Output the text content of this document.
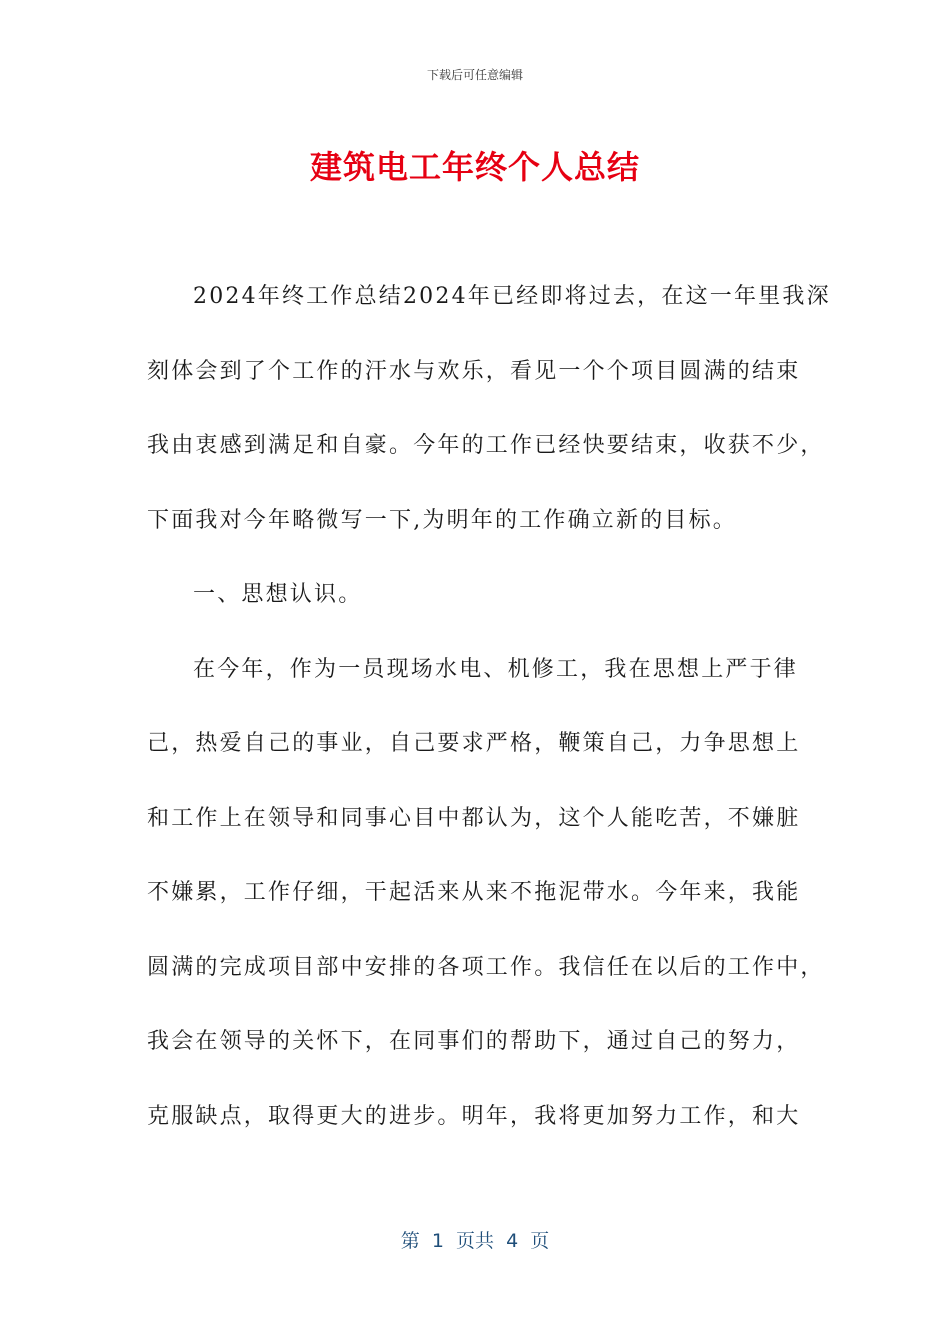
下载后可任意编辑
建筑电工年终个人总结
2024年终工作总结2024年已经即将过去，在这一年里我深
刻体会到了个工作的汗水与欢乐，看见一个个项目圆满的结束
我由衷感到满足和自豪。今年的工作已经快要结束，收获不少，
下面我对今年略微写一下,为明年的工作确立新的目标。
一、思想认识。
在今年，作为一员现场水电、机修工，我在思想上严于律
己，热爱自己的事业，自己要求严格，鞭策自己，力争思想上
和工作上在领导和同事心目中都认为，这个人能吃苦，不嫌脏
不嫌累，工作仔细，干起活来从来不拖泥带水。今年来，我能
圆满的完成项目部中安排的各项工作。我信任在以后的工作中，
我会在领导的关怀下，在同事们的帮助下，通过自己的努力，
克服缺点，取得更大的进步。明年，我将更加努力工作，和大
第  1  页共  4  页
